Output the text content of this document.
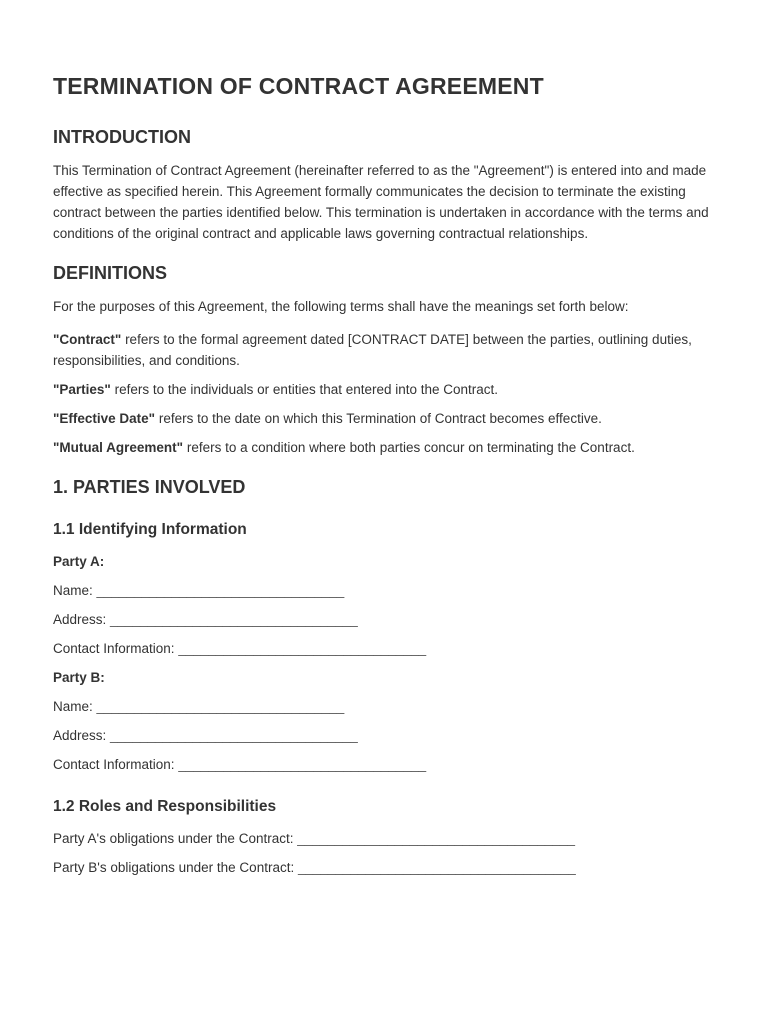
TERMINATION OF CONTRACT AGREEMENT
INTRODUCTION

This Termination of Contract Agreement (hereinafter referred to as the "Agreement") is entered into and made effective as specified herein. This Agreement formally communicates the decision to terminate the existing contract between the parties identified below. This termination is undertaken in accordance with the terms and conditions of the original contract and applicable laws governing contractual relationships.

DEFINITIONS

For the purposes of this Agreement, the following terms shall have the meanings set forth below:

"Contract" refers to the formal agreement dated [CONTRACT DATE] between the parties, outlining duties, responsibilities, and conditions.

"Parties" refers to the individuals or entities that entered into the Contract.

"Effective Date" refers to the date on which this Termination of Contract becomes effective.

"Mutual Agreement" refers to a condition where both parties concur on terminating the Contract.

1. PARTIES INVOLVED
1.1 Identifying Information

Party A:

Name: _________________________________

Address: _________________________________

Contact Information: _________________________________

Party B:

Name: _________________________________

Address: _________________________________

Contact Information: _________________________________

1.2 Roles and Responsibilities

Party A's obligations under the Contract: _____________________________________

Party B's obligations under the Contract: _____________________________________
